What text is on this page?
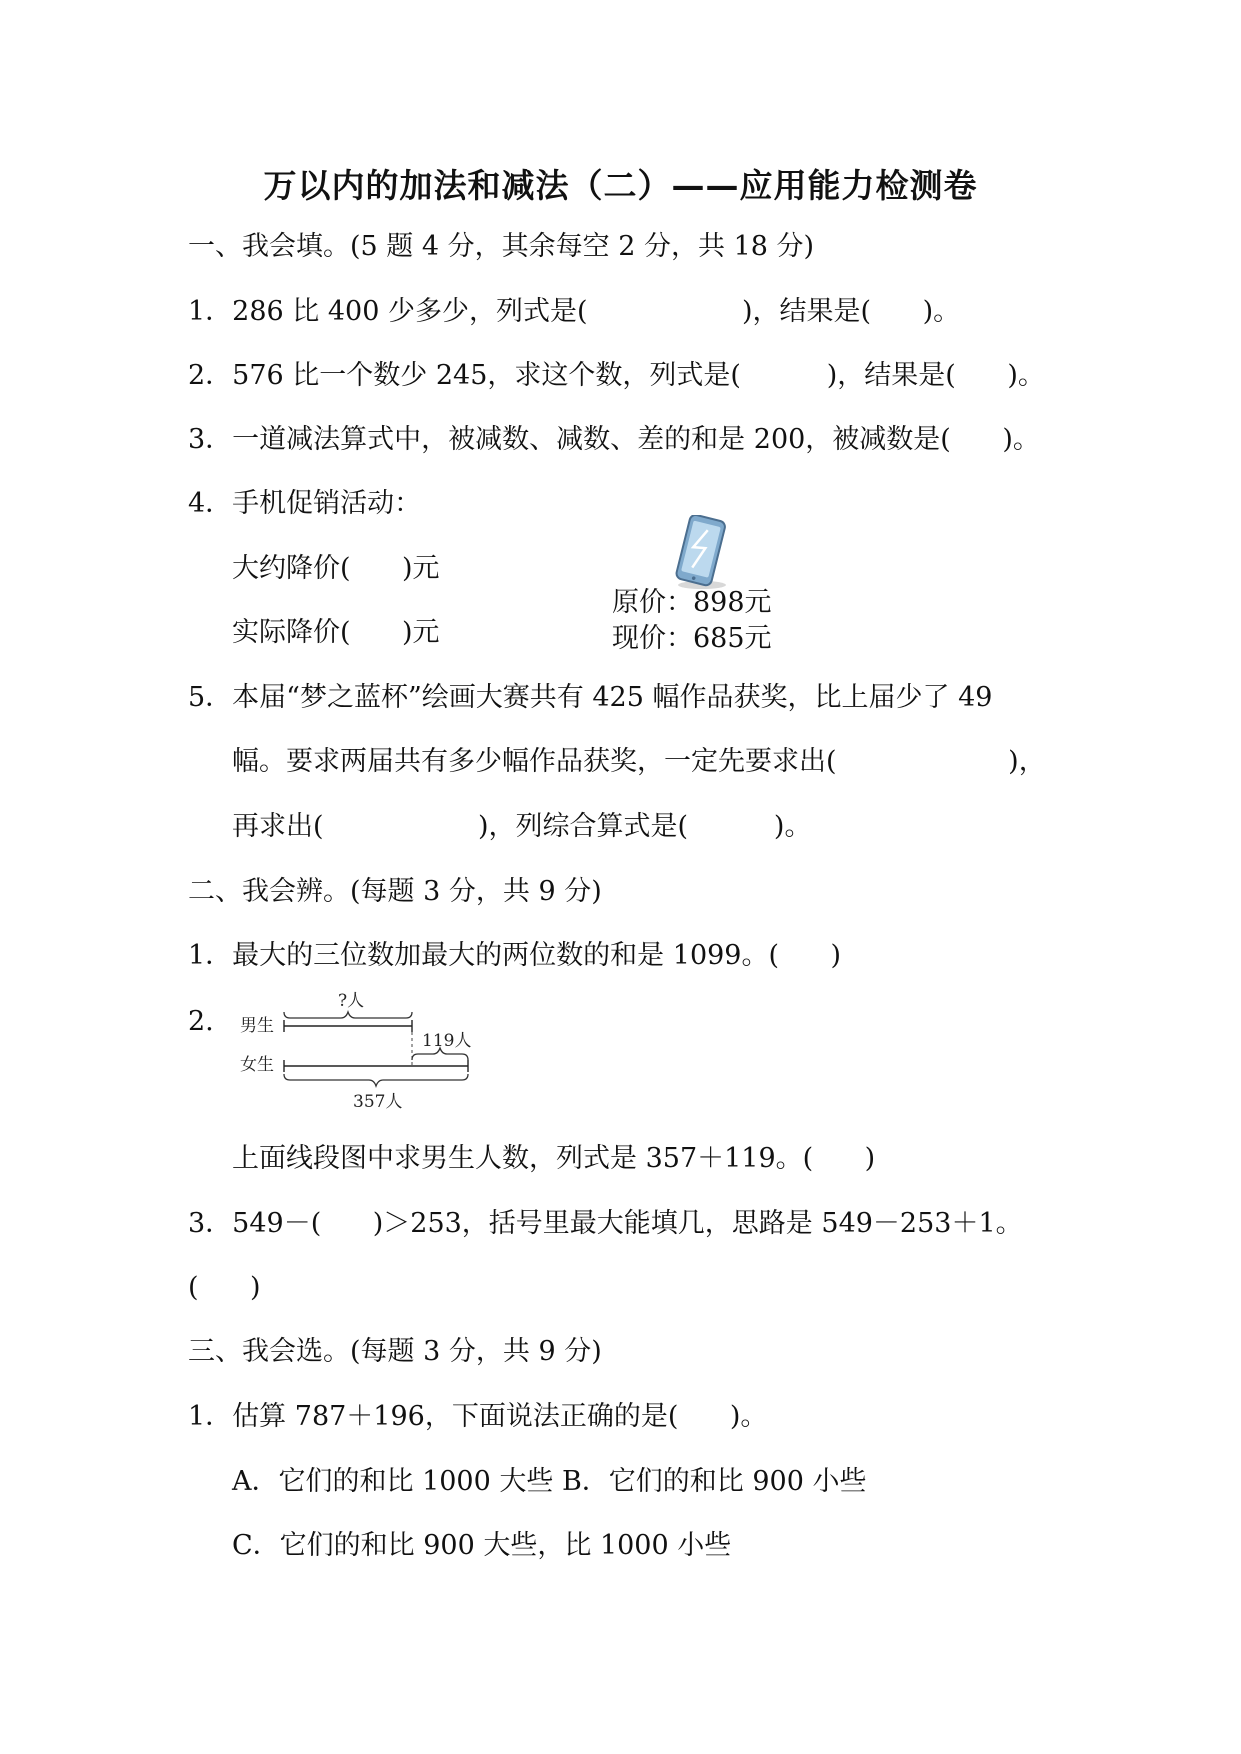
万以内的加法和减法（二）——应用能力检测卷
一、我会填。(5 题 4 分，其余每空 2 分，共 18 分)
1．286 比 400 少多少，列式是(                  )，结果是(      )。
2．576 比一个数少 245，求这个数，列式是(          )，结果是(      )。
3．一道减法算式中，被减数、减数、差的和是 200，被减数是(      )。
4．手机促销活动：
大约降价(      )元
实际降价(      )元
原价：898元
现价：685元
5．本届“梦之蓝杯”绘画大赛共有 425 幅作品获奖，比上届少了 49
幅。要求两届共有多少幅作品获奖，一定先要求出(                    )，
再求出(                  )，列综合算式是(          )。
二、我会辨。(每题 3 分，共 9 分)
1．最大的三位数加最大的两位数的和是 1099。(      )
2. 男生
女生
?人
119人
357人
上面线段图中求男生人数，列式是 357＋119。(      )
3．549－(      )＞253，括号里最大能填几，思路是 549－253＋1。
(      )
三、我会选。(每题 3 分，共 9 分)
1．估算 787＋196，下面说法正确的是(      )。
A．它们的和比 1000 大些 B．它们的和比 900 小些
C．它们的和比 900 大些，比 1000 小些
